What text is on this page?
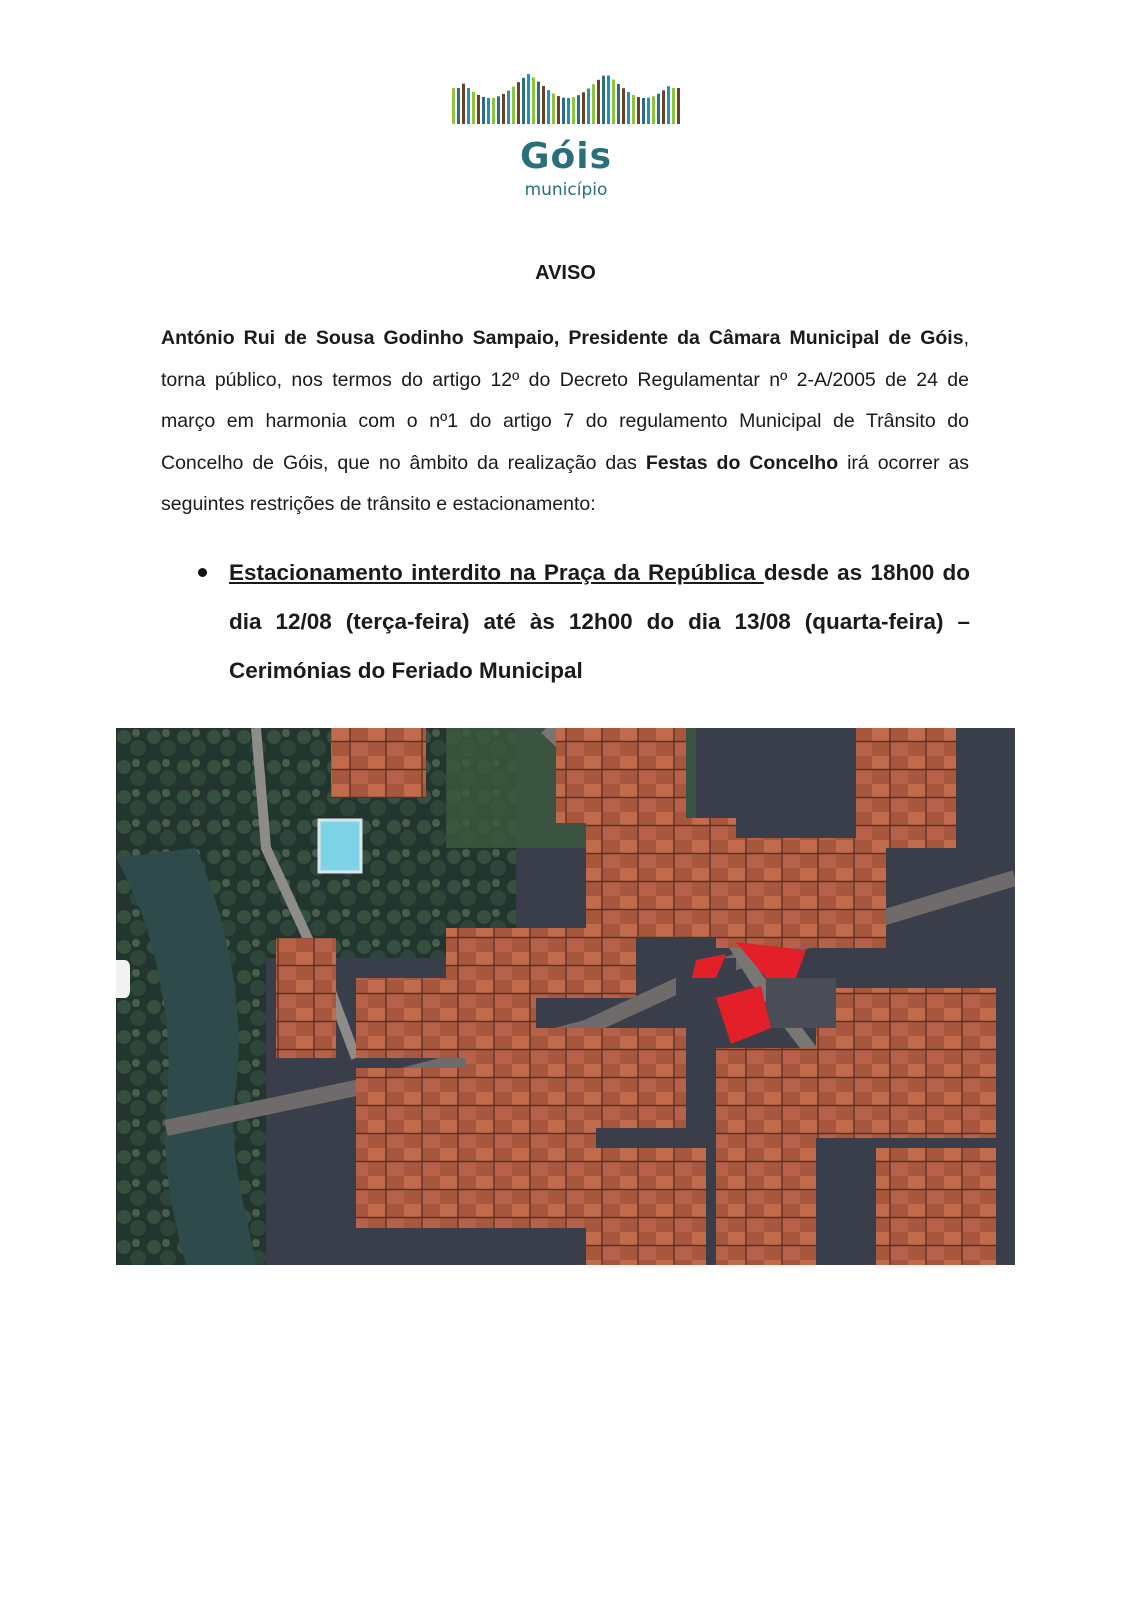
Góis
município
AVISO

António Rui de Sousa Godinho Sampaio, Presidente da Câmara Municipal de Góis, torna público, nos termos do artigo 12º do Decreto Regulamentar nº 2-A/2005 de 24 de março em harmonia com o nº1 do artigo 7 do regulamento Municipal de Trânsito do Concelho de Góis, que no âmbito da realização das Festas do Concelho irá ocorrer as seguintes restrições de trânsito e estacionamento:

Estacionamento interdito na Praça da República desde as 18h00 do dia 12/08 (terça-feira) até às 12h00 do dia 13/08 (quarta-feira) – Cerimónias do Feriado Municipal
